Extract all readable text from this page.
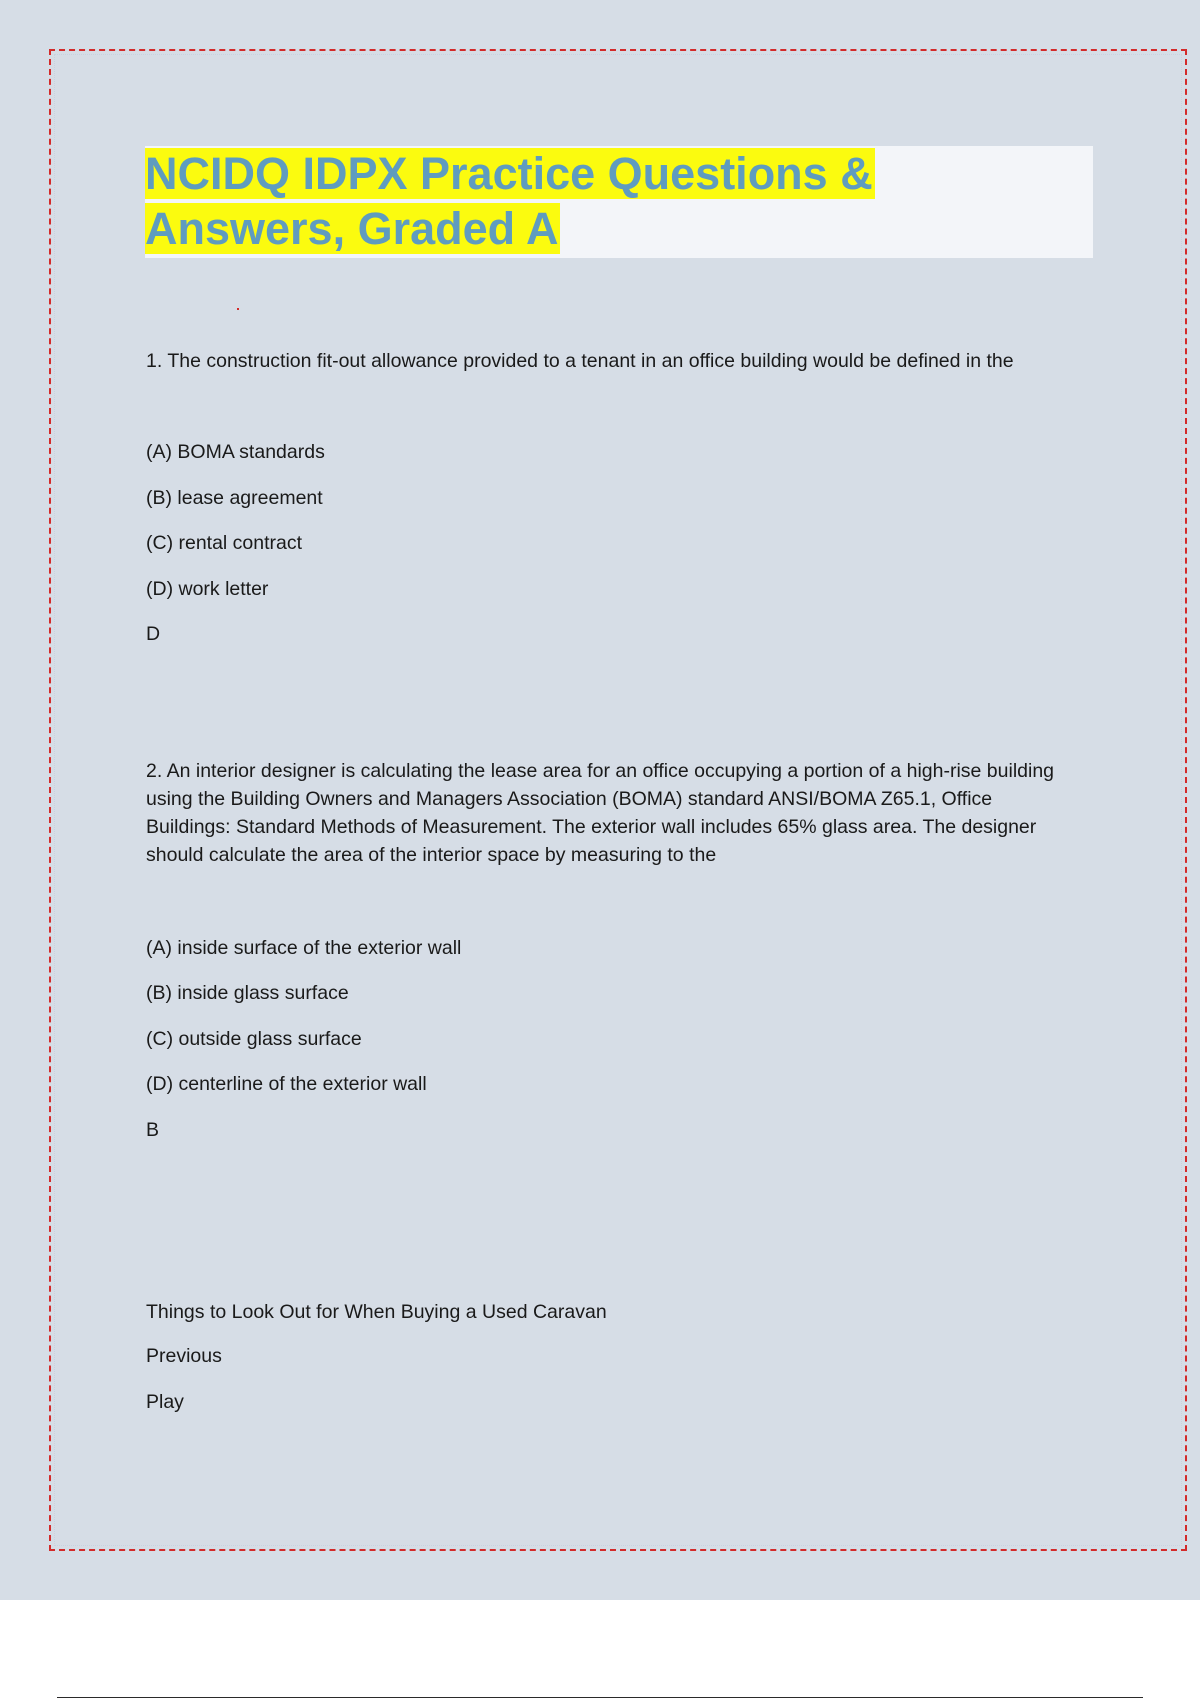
NCIDQ IDPX Practice Questions &
Answers, Graded A

1. The construction fit-out allowance provided to a tenant in an office building would be defined in the

(A) BOMA standards

(B) lease agreement

(C) rental contract

(D) work letter

D

2. An interior designer is calculating the lease area for an office occupying a portion of a high-rise building using the Building Owners and Managers Association (BOMA) standard ANSI/BOMA Z65.1, Office Buildings: Standard Methods of Measurement. The exterior wall includes 65% glass area. The designer should calculate the area of the interior space by measuring to the

(A) inside surface of the exterior wall

(B) inside glass surface

(C) outside glass surface

(D) centerline of the exterior wall

B

Things to Look Out for When Buying a Used Caravan

Previous

Play
